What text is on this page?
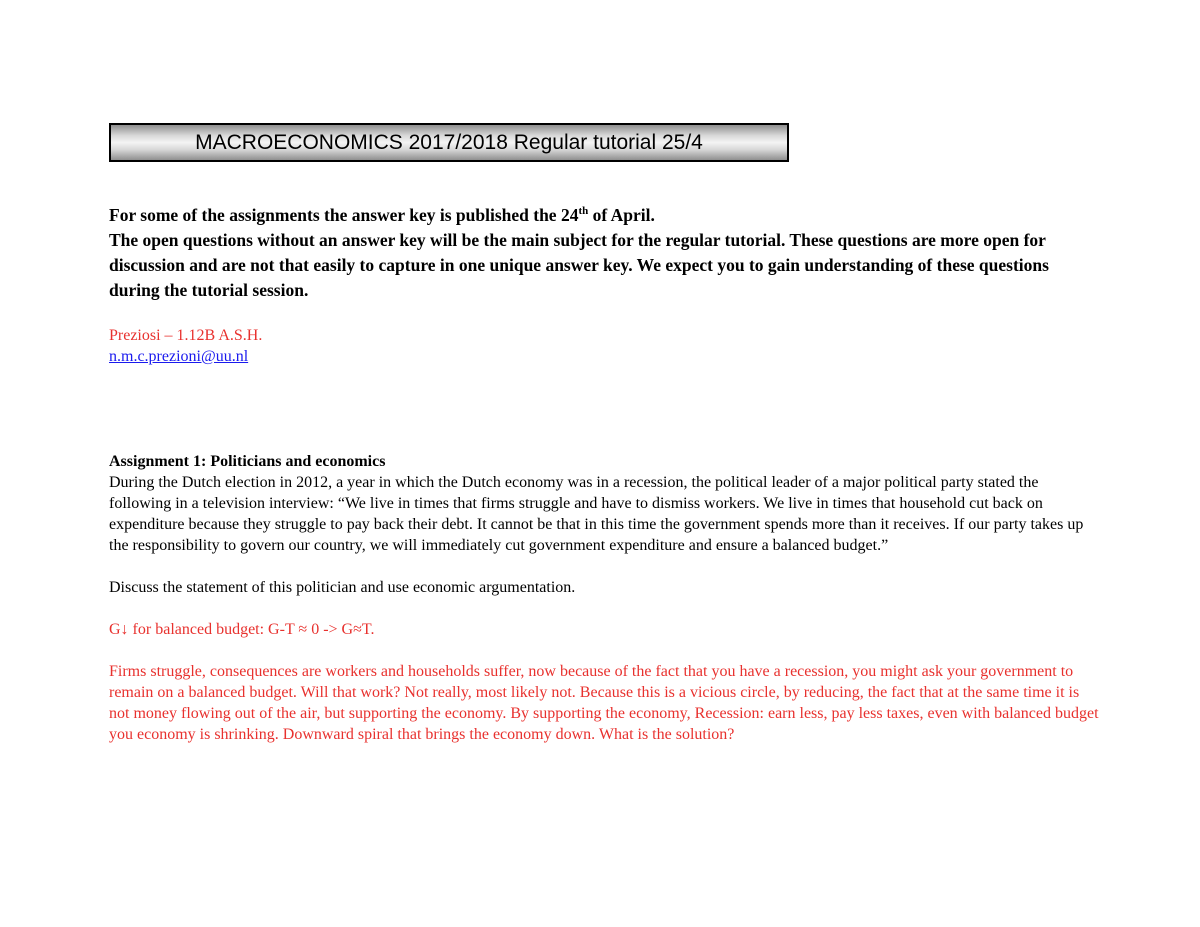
MACROECONOMICS 2017/2018 Regular tutorial 25/4

For some of the assignments the answer key is published the 24th of April.

The open questions without an answer key will be the main subject for the regular tutorial. These questions are more open for discussion and are not that easily to capture in one unique answer key. We expect you to gain understanding of these questions during the tutorial session.

Preziosi – 1.12B A.S.H.
n.m.c.prezioni@uu.nl

Assignment 1: Politicians and economics

During the Dutch election in 2012, a year in which the Dutch economy was in a recession, the political leader of a major political party stated the following in a television interview: “We live in times that firms struggle and have to dismiss workers. We live in times that household cut back on expenditure because they struggle to pay back their debt. It cannot be that in this time the government spends more than it receives. If our party takes up the responsibility to govern our country, we will immediately cut government expenditure and ensure a balanced budget.”

Discuss the statement of this politician and use economic argumentation.

G↓ for balanced budget: G-T ≈ 0 -> G≈T.

Firms struggle, consequences are workers and households suffer, now because of the fact that you have a recession, you might ask your government to remain on a balanced budget. Will that work? Not really, most likely not. Because this is a vicious circle, by reducing, the fact that at the same time it is not money flowing out of the air, but supporting the economy. By supporting the economy, Recession: earn less, pay less taxes, even with balanced budget you economy is shrinking. Downward spiral that brings the economy down. What is the solution?
